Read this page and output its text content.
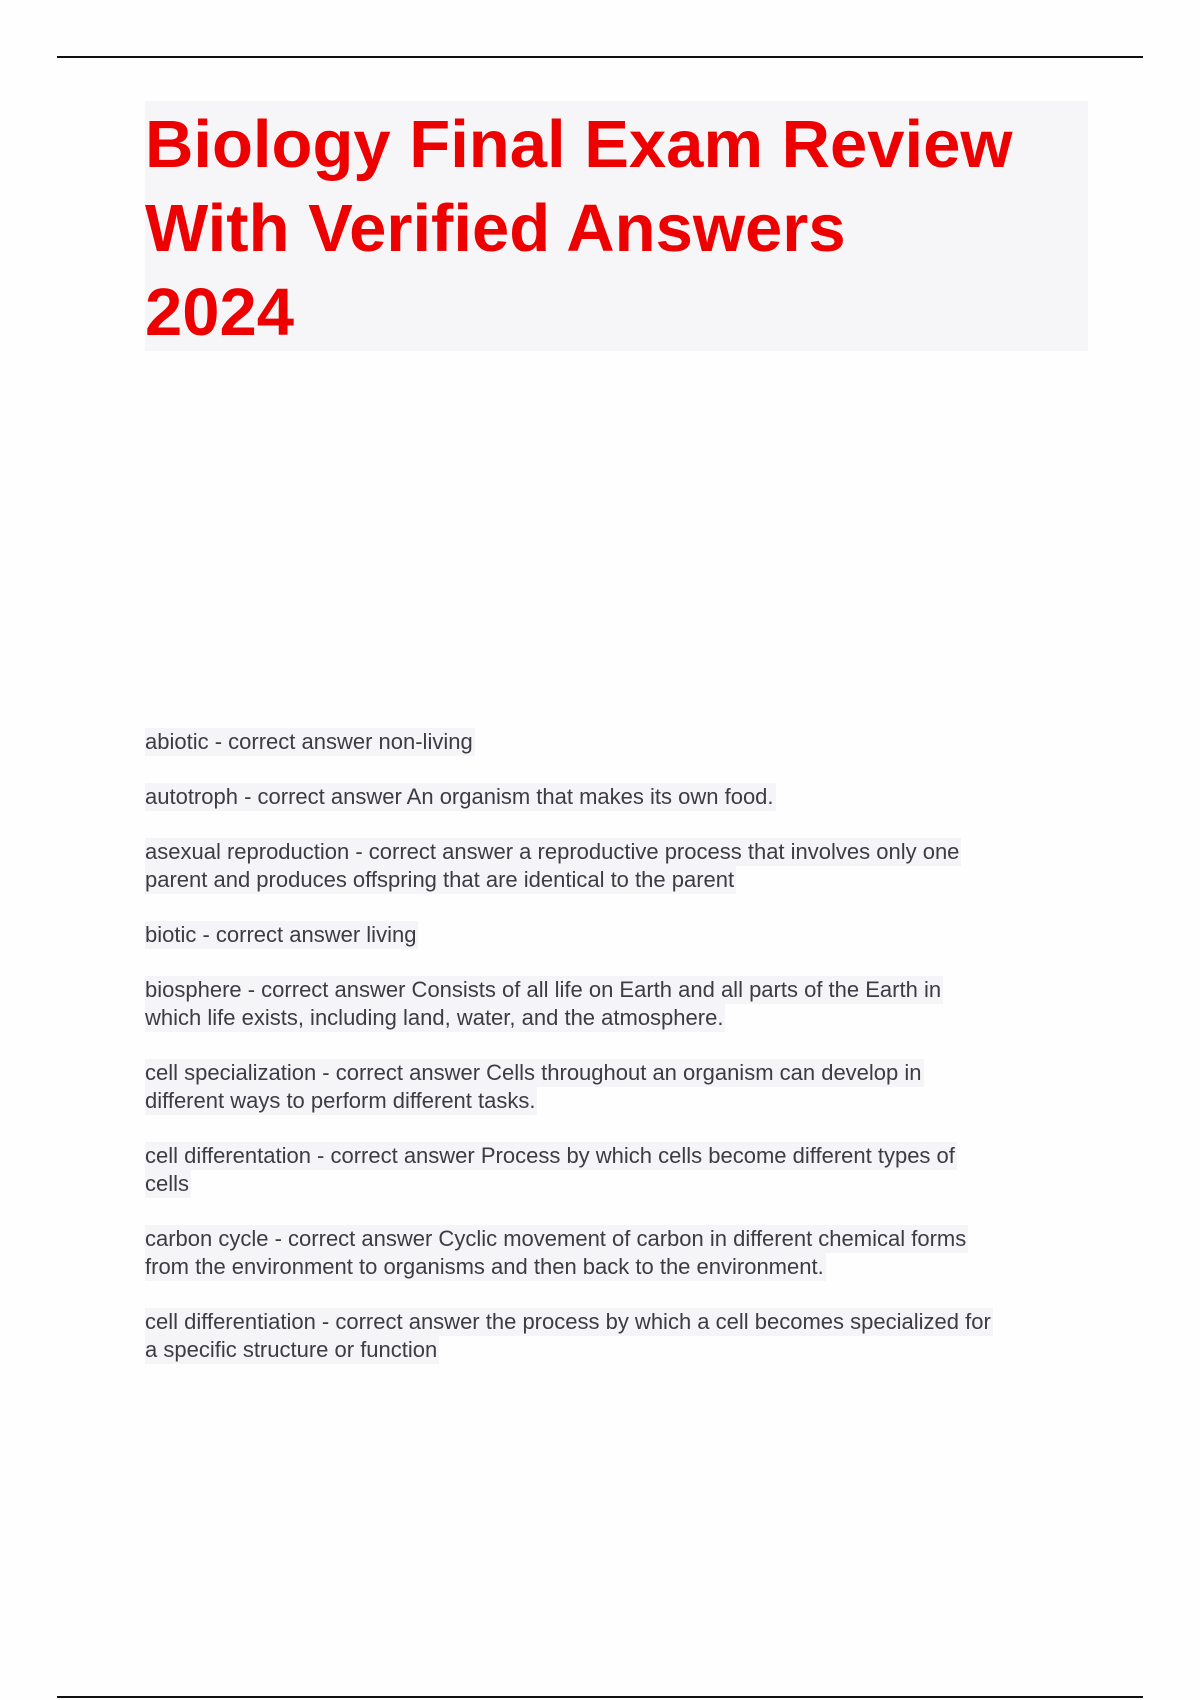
Biology Final Exam Review
With Verified Answers
2024
abiotic - correct answer non-living
autotroph - correct answer An organism that makes its own food.
asexual reproduction - correct answer a reproductive process that involves only one
parent and produces offspring that are identical to the parent
biotic - correct answer living
biosphere - correct answer Consists of all life on Earth and all parts of the Earth in
which life exists, including land, water, and the atmosphere.
cell specialization - correct answer Cells throughout an organism can develop in
different ways to perform different tasks.
cell differentation - correct answer Process by which cells become different types of
cells
carbon cycle - correct answer Cyclic movement of carbon in different chemical forms
from the environment to organisms and then back to the environment.
cell differentiation - correct answer the process by which a cell becomes specialized for
a specific structure or function
